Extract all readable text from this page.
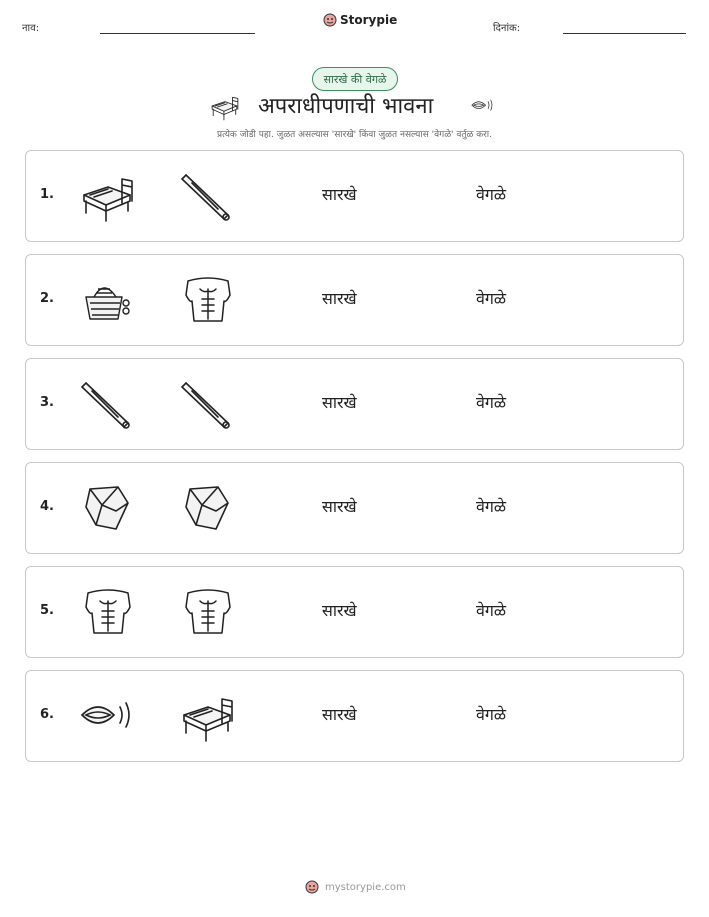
नाव:
Storypie
दिनांक:
सारखे की वेगळे
अपराधीपणाची भावना
प्रत्येक जोडी पहा. जुळत असल्यास 'सारखे' किंवा जुळत नसल्यास 'वेगळे' वर्तुळ करा.
1.	सारखे	वेगळे
2.	सारखे	वेगळे
3.	सारखे	वेगळे
4.	सारखे	वेगळे
5.	सारखे	वेगळे
6.	सारखे	वेगळे
mystorypie.com
